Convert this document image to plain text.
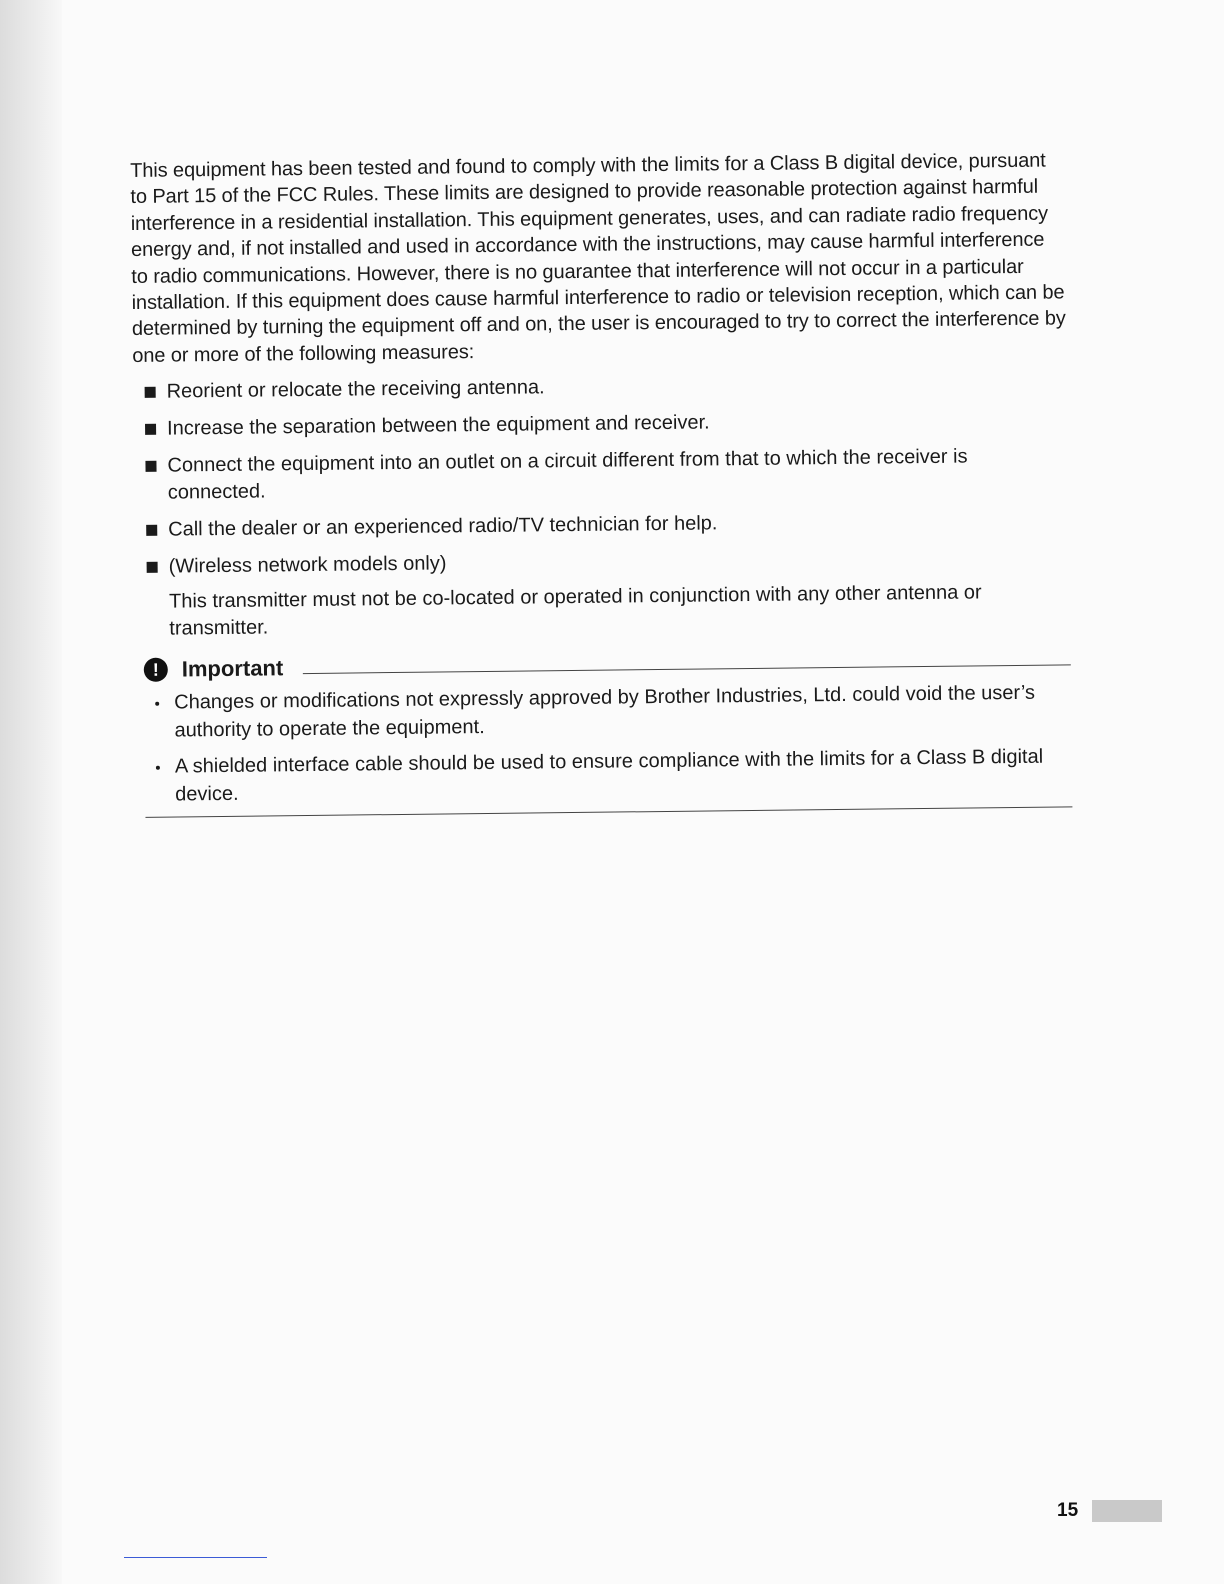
This equipment has been tested and found to comply with the limits for a Class B digital device, pursuant to Part 15 of the FCC Rules. These limits are designed to provide reasonable protection against harmful interference in a residential installation. This equipment generates, uses, and can radiate radio frequency energy and, if not installed and used in accordance with the instructions, may cause harmful interference to radio communications. However, there is no guarantee that interference will not occur in a particular installation. If this equipment does cause harmful interference to radio or television reception, which can be determined by turning the equipment off and on, the user is encouraged to try to correct the interference by one or more of the following measures:

Reorient or relocate the receiving antenna.
Increase the separation between the equipment and receiver.
Connect the equipment into an outlet on a circuit different from that to which the receiver is connected.
Call the dealer or an experienced radio/TV technician for help.
(Wireless network models only)
This transmitter must not be co-located or operated in conjunction with any other antenna or transmitter.
!	Important
Changes or modifications not expressly approved by Brother Industries, Ltd. could void the user’s authority to operate the equipment.
A shielded interface cable should be used to ensure compliance with the limits for a Class B digital device.
15
